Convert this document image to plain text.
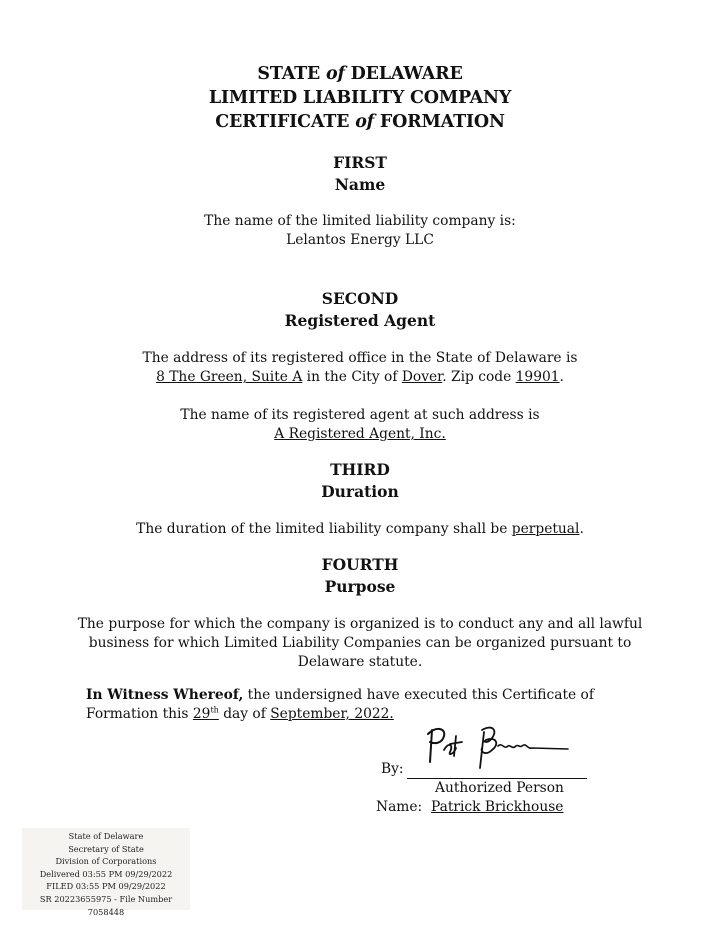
STATE of DELAWARE
LIMITED LIABILITY COMPANY
CERTIFICATE of FORMATION
FIRST
Name
The name of the limited liability company is:
Lelantos Energy LLC
SECOND
Registered Agent
The address of its registered office in the State of Delaware is
8 The Green, Suite A in the City of Dover. Zip code 19901.
The name of its registered agent at such address is
A Registered Agent, Inc.
THIRD
Duration
The duration of the limited liability company shall be perpetual.
FOURTH
Purpose
The purpose for which the company is organized is to conduct any and all lawful
business for which Limited Liability Companies can be organized pursuant to
Delaware statute.
In Witness Whereof, the undersigned have executed this Certificate of
Formation this 29th day of September, 2022.
By:
Authorized Person
Name: Patrick Brickhouse
State of Delaware
Secretary of State
Division of Corporations
Delivered 03:55 PM 09/29/2022
FILED 03:55 PM 09/29/2022
SR 20223655975 - File Number 7058448
